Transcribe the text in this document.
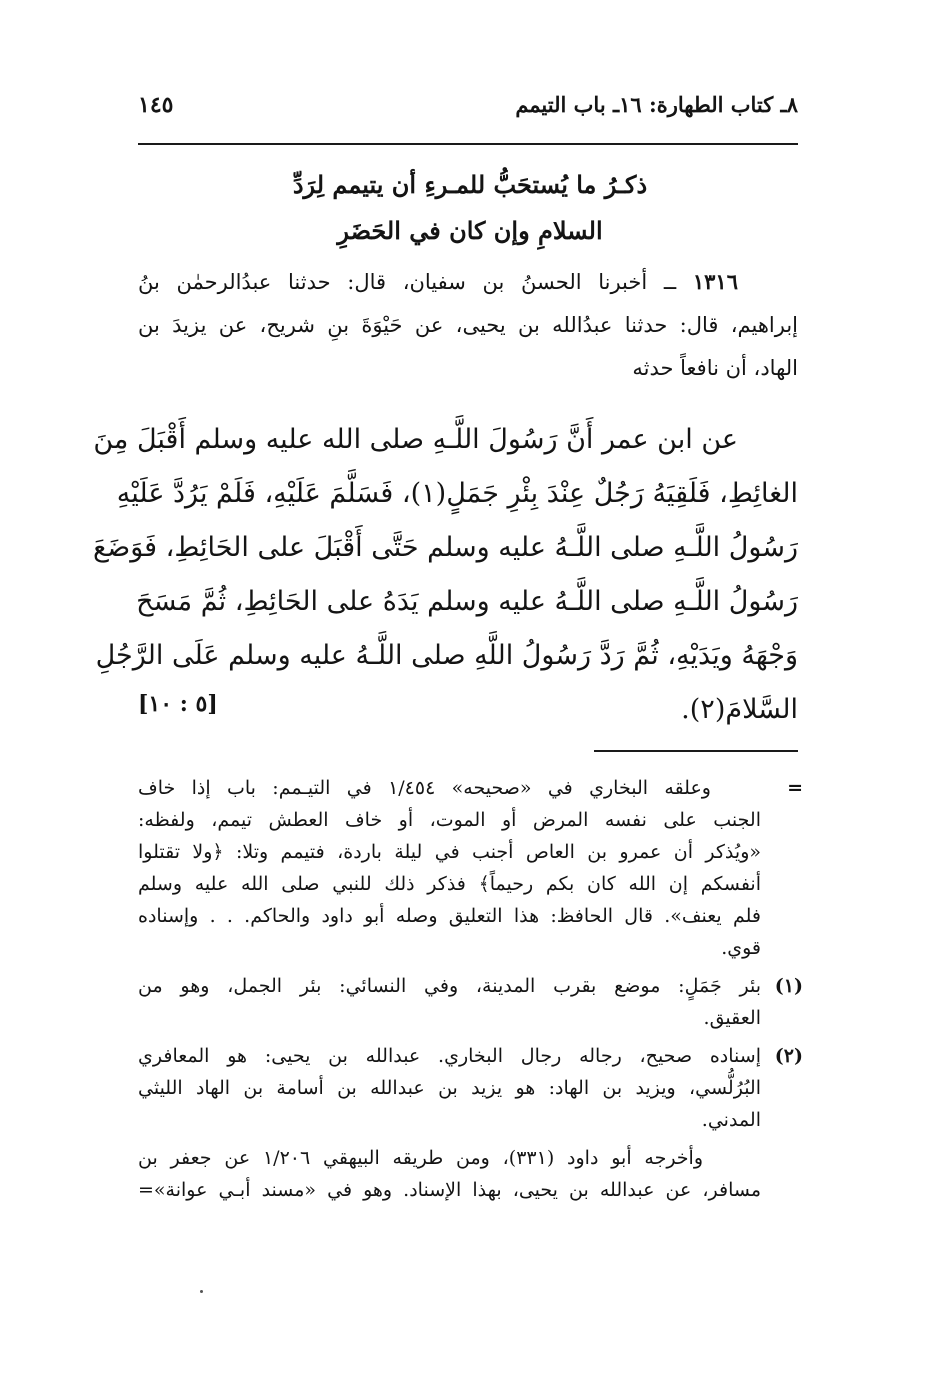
٨ـ كتاب الطهارة: ١٦ـ باب التيمم
١٤٥
ذكـرُ ما يُستحَبُّ للمـرءِ أن يتيمم لِرَدِّ
السلامِ وإن كان في الحَضَرِ
١٣١٦ ــ أخبرنا الحسنُ بن سفيان، قال: حدثنا عبدُالرحمٰن بنُ
إبراهيم، قال: حدثنا عبدُالله بن يحيى، عن حَيْوَةَ بنِ شريح، عن يزيدَ بن
الهاد، أن نافعاً حدثه
عن ابن عمر أَنَّ رَسُولَ اللَّـهِ صلى الله عليه وسلم أَقْبَلَ مِنَ
الغائِطِ، فَلَقِيَهُ رَجُلٌ عِنْدَ بِئْرِ جَمَلٍ(١)، فَسَلَّمَ عَلَيْهِ، فَلَمْ يَرُدَّ عَلَيْهِ
رَسُولُ اللَّـهِ صلى اللَّـهُ عليه وسلم حَتَّى أَقْبَلَ على الحَائِطِ، فَوَضَعَ
رَسُولُ اللَّـهِ صلى اللَّـهُ عليه وسلم يَدَهُ على الحَائِطِ، ثُمَّ مَسَحَ
وَجْهَهُ ويَدَيْهِ، ثُمَّ رَدَّ رَسُولُ اللَّهِ صلى اللَّـهُ عليه وسلم عَلَى الرَّجُلِ
السَّلامَ(٢).
[٥ : ١٠]
=
وعلقه البخاري في «صحيحه» ١/٤٥٤ في التيـمم: باب إذا خاف
الجنب على نفسه المرض أو الموت، أو خاف العطش تيمم، ولفظه:
«ويُذكر أن عمرو بن العاص أجنب في ليلة باردة، فتيمم وتلا: ﴿ولا تقتلوا
أنفسكم إن الله كان بكم رحيماً﴾ فذكر ذلك للنبي صلى الله عليه وسلم
فلم يعنف». قال الحافظ: هذا التعليق وصله أبو داود والحاكم. . . وإسناده
قوي.
(١)
بئر جَمَلٍ: موضع بقرب المدينة، وفي النسائي: بئر الجمل، وهو من
العقيق.
(٢)
إسناده صحيح، رجاله رجال البخاري. عبدالله بن يحيى: هو المعافري
البُرُلُّسي، ويزيد بن الهاد: هو يزيد بن عبدالله بن أسامة بن الهاد الليثي
المدني.
وأخرجه أبو داود (٣٣١)، ومن طريقه البيهقي ١/٢٠٦ عن جعفر بن
مسافر، عن عبدالله بن يحيى، بهذا الإسناد. وهو في «مسند أبـي عوانة»=
